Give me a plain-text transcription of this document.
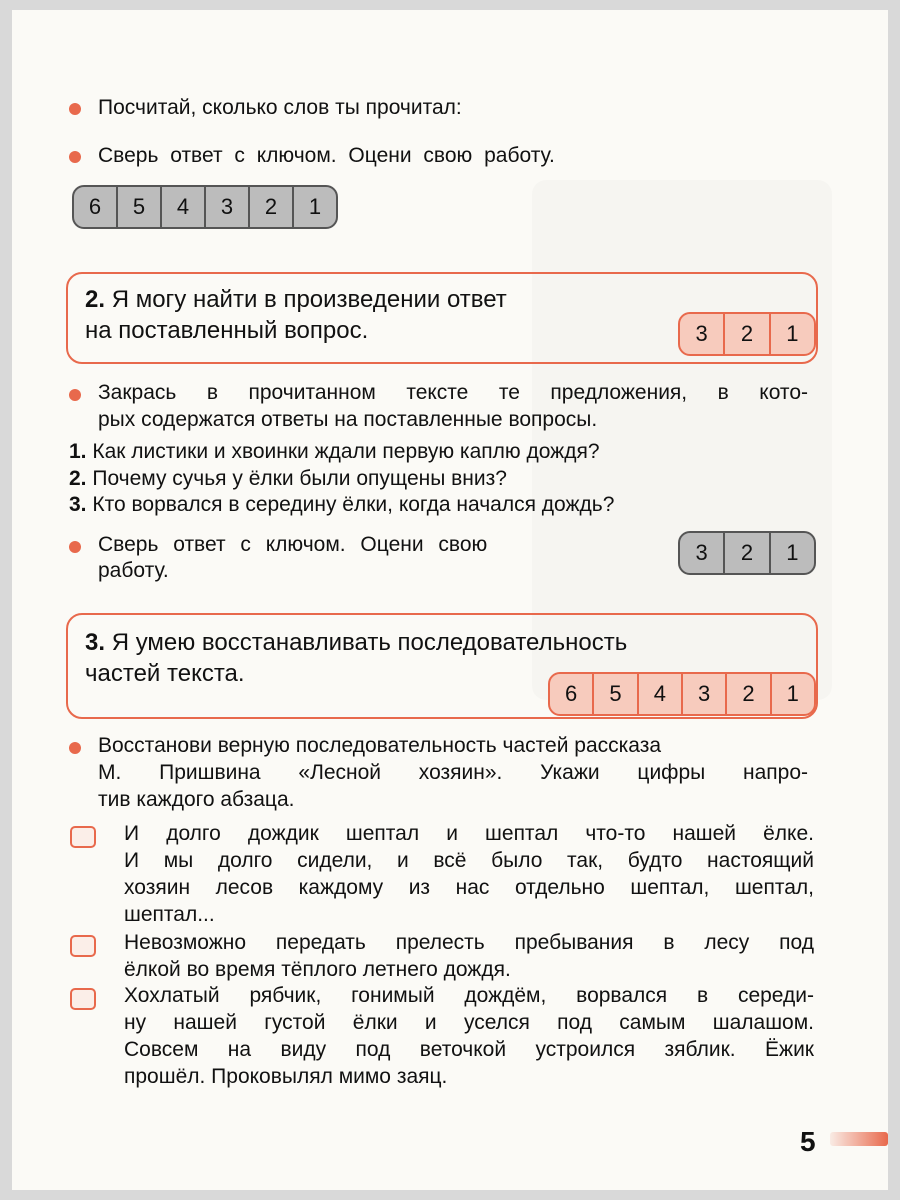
Посчитай, сколько слов ты прочитал:
Сверь ответ с ключом. Оцени свою работу.
6	5	4	3	2	1
2. Я могу найти в произведении ответ
на поставленный вопрос.	3	2	1
Закрась в прочитанном тексте те предложения, в кото-
рых содержатся ответы на поставленные вопросы.
1. Как листики и хвоинки ждали первую каплю дождя?
2. Почему сучья у ёлки были опущены вниз?
3. Кто ворвался в середину ёлки, когда начался дождь?
Сверь ответ с ключом. Оцени свою
работу.
3	2	1
3. Я умею восстанавливать последовательность
частей текста.
6	5	4	3	2	1
Восстанови верную последовательность частей рассказа
М. Пришвина «Лесной хозяин». Укажи цифры напро-
тив каждого абзаца.
И долго дождик шептал и шептал что-то нашей ёлке.
И мы долго сидели, и всё было так, будто настоящий
хозяин лесов каждому из нас отдельно шептал, шептал,
шептал...
Невозможно передать прелесть пребывания в лесу под
ёлкой во время тёплого летнего дождя.
Хохлатый рябчик, гонимый дождём, ворвался в середи-
ну нашей густой ёлки и уселся под самым шалашом.
Совсем на виду под веточкой устроился зяблик. Ёжик
прошёл. Проковылял мимо заяц.
5
